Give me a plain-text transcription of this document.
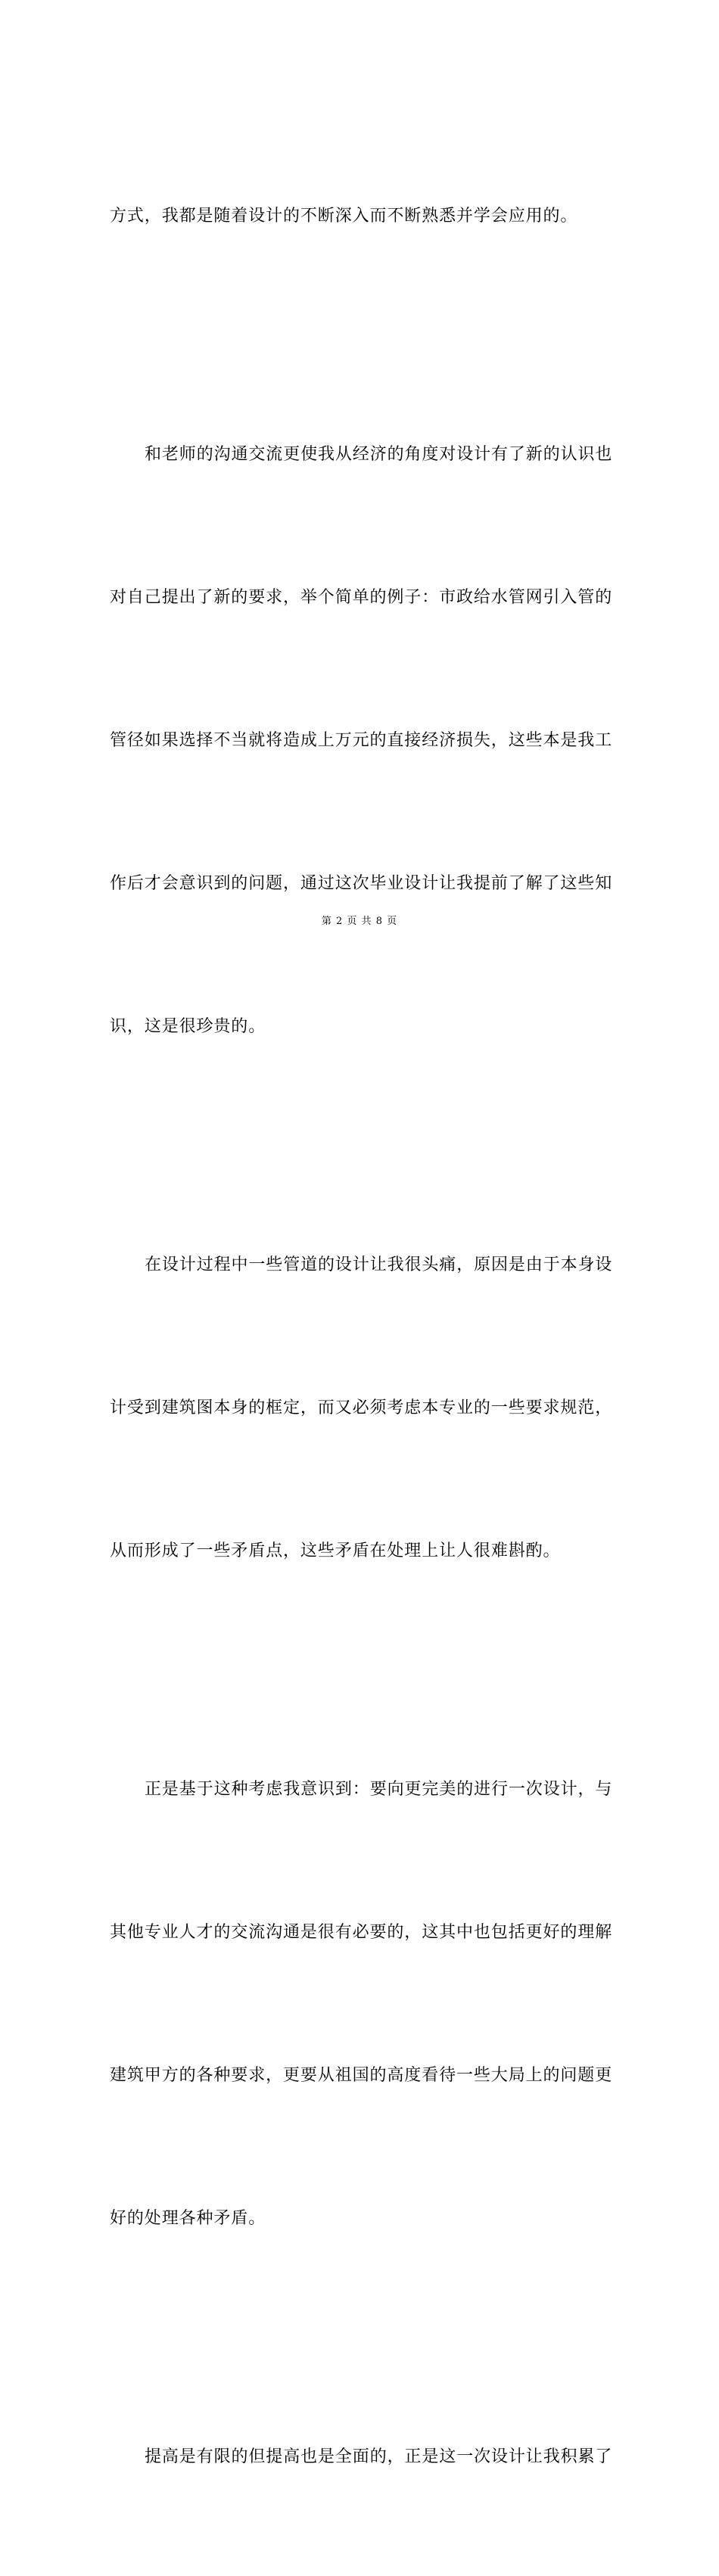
方式，我都是随着设计的不断深入而不断熟悉并学会应用的。

和老师的沟通交流更使我从经济的角度对设计有了新的认识也

对自己提出了新的要求，举个简单的例子：市政给水管网引入管的

管径如果选择不当就将造成上万元的直接经济损失，这些本是我工

作后才会意识到的问题，通过这次毕业设计让我提前了解了这些知

识，这是很珍贵的。

在设计过程中一些管道的设计让我很头痛，原因是由于本身设

计受到建筑图本身的框定，而又必须考虑本专业的一些要求规范，

从而形成了一些矛盾点，这些矛盾在处理上让人很难斟酌。

正是基于这种考虑我意识到：要向更完美的进行一次设计，与

其他专业人才的交流沟通是很有必要的，这其中也包括更好的理解

建筑甲方的各种要求，更要从祖国的高度看待一些大局上的问题更

好的处理各种矛盾。

提高是有限的但提高也是全面的，正是这一次设计让我积累了

第 2 页 共 8 页
